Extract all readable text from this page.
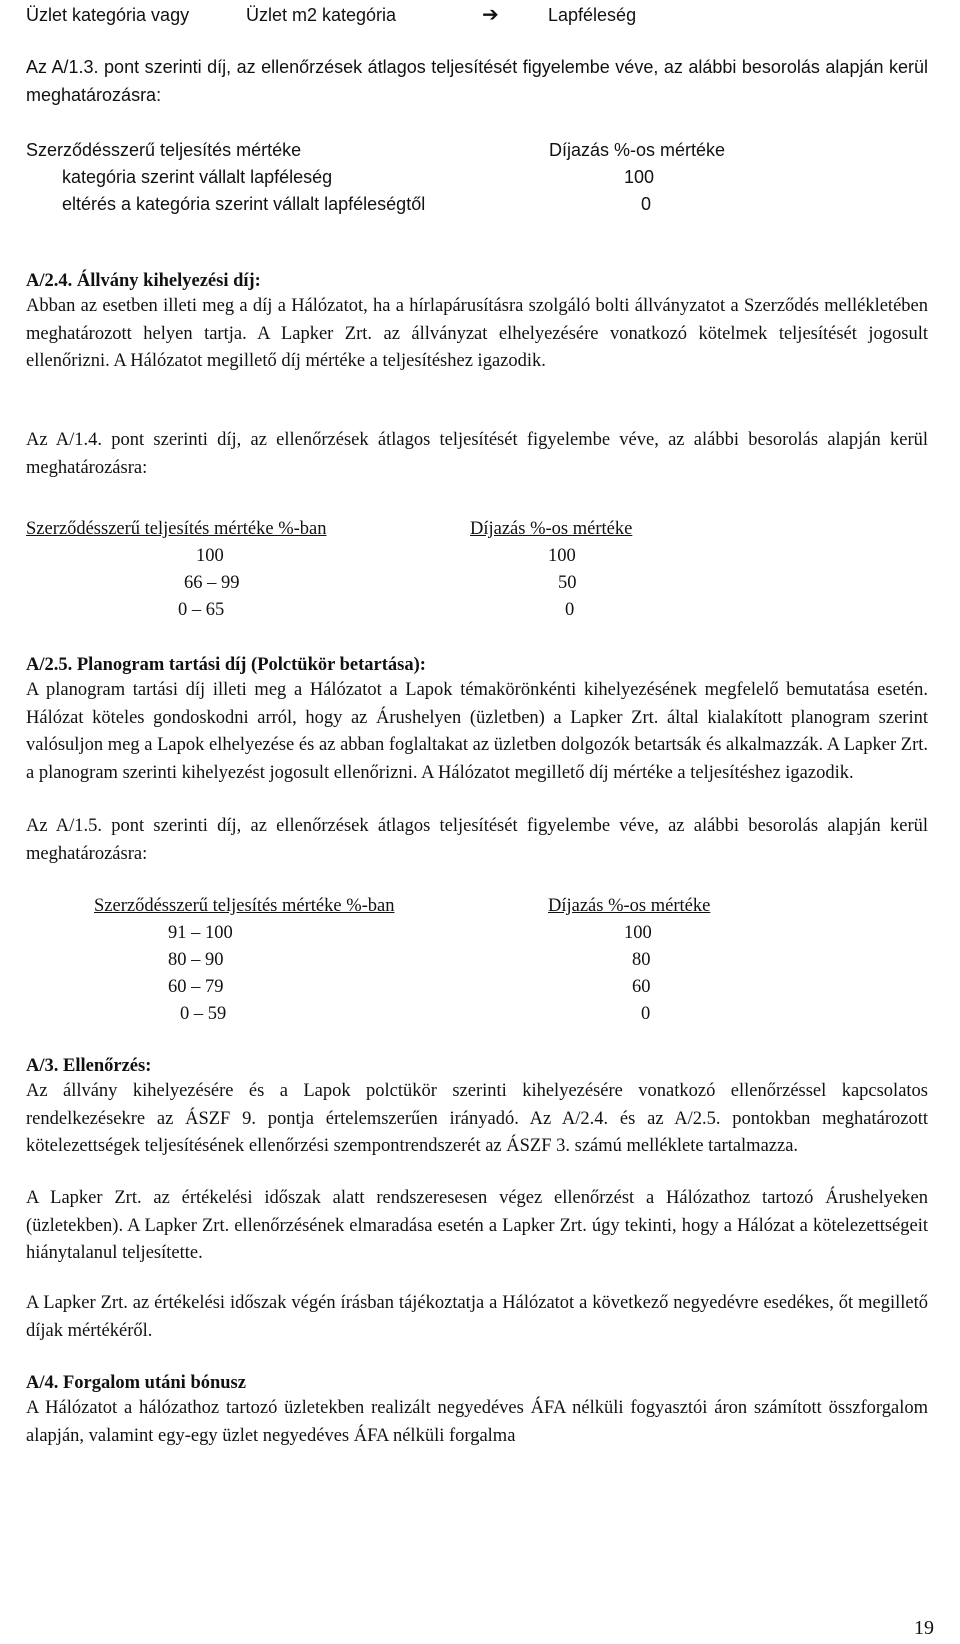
Üzlet kategória vagy	Üzlet m2 kategória	➔	Lapféleség
Az A/1.3. pont szerinti díj, az ellenőrzések átlagos teljesítését figyelembe véve, az alábbi besorolás alapján kerül meghatározásra:
Szerződésszerű teljesítés mértéke	Díjazás %-os mértéke
kategória szerint vállalt lapféleség	100
eltérés a kategória szerint vállalt lapféleségtől	0
A/2.4. Állvány kihelyezési díj:
Abban az esetben illeti meg a díj a Hálózatot, ha a hírlapárusításra szolgáló bolti állványzatot a Szerződés mellékletében meghatározott helyen tartja. A Lapker Zrt. az állványzat elhelyezésére vonatkozó kötelmek teljesítését jogosult ellenőrizni. A Hálózatot megillető díj mértéke a teljesítéshez igazodik.
Az A/1.4. pont szerinti díj, az ellenőrzések átlagos teljesítését figyelembe véve, az alábbi besorolás alapján kerül meghatározásra:
Szerződésszerű teljesítés mértéke %-ban	Díjazás %-os mértéke
100	100
66 – 99	50
0 – 65	0
A/2.5. Planogram tartási díj (Polctükör betartása):
A planogram tartási díj illeti meg a Hálózatot a Lapok témakörönkénti kihelyezésének megfelelő bemutatása esetén. Hálózat köteles gondoskodni arról, hogy az Árushelyen (üzletben) a Lapker Zrt. által kialakított planogram szerint valósuljon meg a Lapok elhelyezése és az abban foglaltakat az üzletben dolgozók betartsák és alkalmazzák. A Lapker Zrt. a planogram szerinti kihelyezést jogosult ellenőrizni. A Hálózatot megillető díj mértéke a teljesítéshez igazodik.
Az A/1.5. pont szerinti díj, az ellenőrzések átlagos teljesítését figyelembe véve, az alábbi besorolás alapján kerül meghatározásra:
Szerződésszerű teljesítés mértéke %-ban	Díjazás %-os mértéke
91 – 100	100
80 – 90	80
60 – 79	60
0 – 59	0
A/3. Ellenőrzés:
Az állvány kihelyezésére és a Lapok polctükör szerinti kihelyezésére vonatkozó ellenőrzéssel kapcsolatos rendelkezésekre az ÁSZF 9. pontja értelemszerűen irányadó. Az A/2.4. és az A/2.5. pontokban meghatározott kötelezettségek teljesítésének ellenőrzési szempontrendszerét az ÁSZF 3. számú melléklete tartalmazza.
A Lapker Zrt. az értékelési időszak alatt rendszeresesen végez ellenőrzést a Hálózathoz tartozó Árushelyeken (üzletekben). A Lapker Zrt. ellenőrzésének elmaradása esetén a Lapker Zrt. úgy tekinti, hogy a Hálózat a kötelezettségeit hiánytalanul teljesítette.
A Lapker Zrt. az értékelési időszak végén írásban tájékoztatja a Hálózatot a következő negyedévre esedékes, őt megillető díjak mértékéről.
A/4. Forgalom utáni bónusz
A Hálózatot a hálózathoz tartozó üzletekben realizált negyedéves ÁFA nélküli fogyasztói áron számított összforgalom alapján, valamint egy-egy üzlet negyedéves ÁFA nélküli forgalma
19
